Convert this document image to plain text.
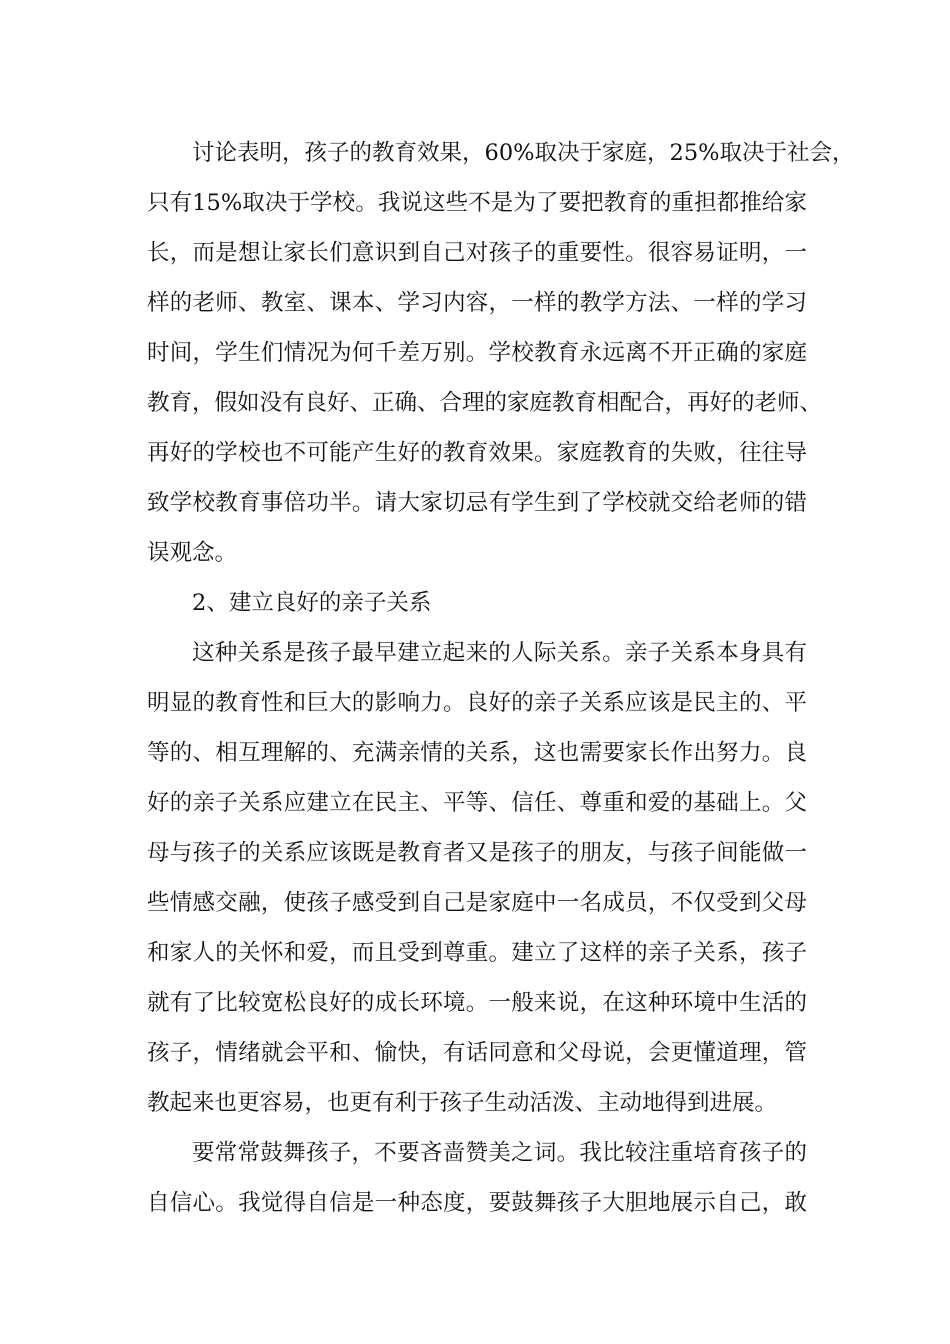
讨论表明，孩子的教育效果，60%取决于家庭，25%取决于社会，
只有15%取决于学校。我说这些不是为了要把教育的重担都推给家
长，而是想让家长们意识到自己对孩子的重要性。很容易证明，一
样的老师、教室、课本、学习内容，一样的教学方法、一样的学习
时间，学生们情况为何千差万别。学校教育永远离不开正确的家庭
教育，假如没有良好、正确、合理的家庭教育相配合，再好的老师、
再好的学校也不可能产生好的教育效果。家庭教育的失败，往往导
致学校教育事倍功半。请大家切忌有学生到了学校就交给老师的错
误观念。
2、建立良好的亲子关系
这种关系是孩子最早建立起来的人际关系。亲子关系本身具有
明显的教育性和巨大的影响力。良好的亲子关系应该是民主的、平
等的、相互理解的、充满亲情的关系，这也需要家长作出努力。良
好的亲子关系应建立在民主、平等、信任、尊重和爱的基础上。父
母与孩子的关系应该既是教育者又是孩子的朋友，与孩子间能做一
些情感交融，使孩子感受到自己是家庭中一名成员，不仅受到父母
和家人的关怀和爱，而且受到尊重。建立了这样的亲子关系，孩子
就有了比较宽松良好的成长环境。一般来说，在这种环境中生活的
孩子，情绪就会平和、愉快，有话同意和父母说，会更懂道理，管
教起来也更容易，也更有利于孩子生动活泼、主动地得到进展。
要常常鼓舞孩子，不要吝啬赞美之词。我比较注重培育孩子的
自信心。我觉得自信是一种态度，要鼓舞孩子大胆地展示自己，敢
